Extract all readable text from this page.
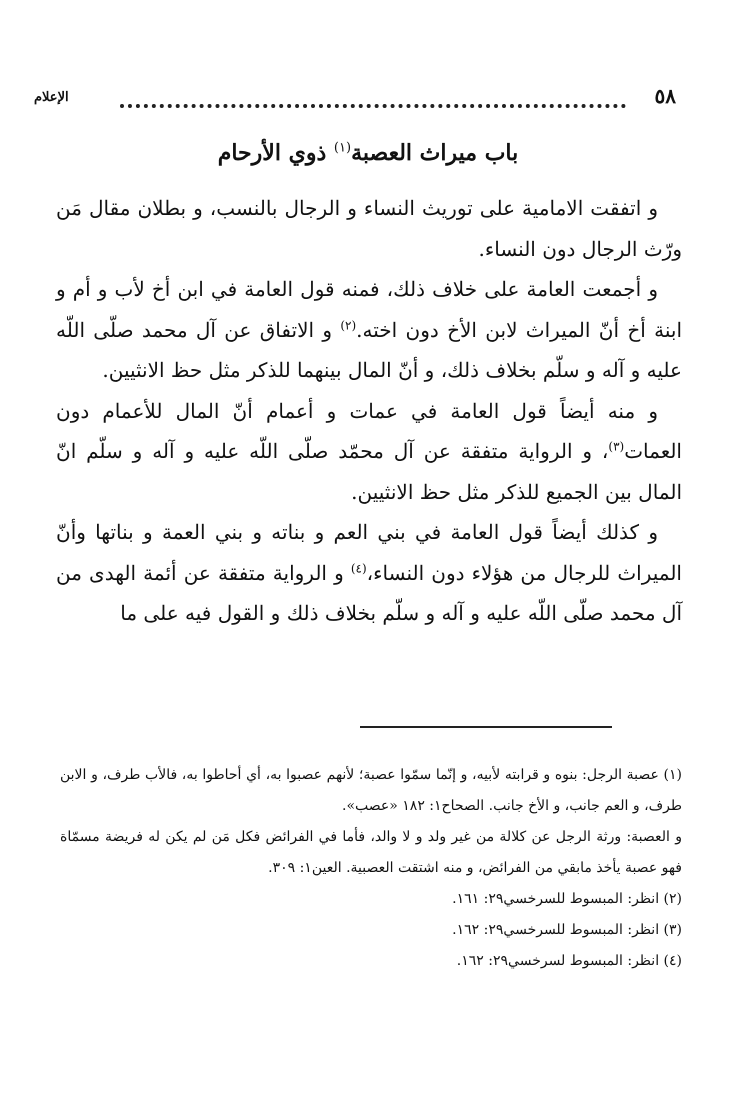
٥٨
الإعلام
باب ميراث العصبة$^{(١)}$ ذوي الأرحام

و اتفقت الامامية على توريث النساء و الرجال بالنسب، و بطلان مقال مَن ورّث الرجال دون النساء.

و أجمعت العامة على خلاف ذلك، فمنه قول العامة في ابن أخ لأب و أم و ابنة أخ أنّ الميراث لابن الأخ دون اخته.$^{(٢)}$ و الاتفاق عن آل محمد صلّى اللّه عليه و آله و سلّم بخلاف ذلك، و أنّ المال بينهما للذكر مثل حظ الانثيين.

و منه أيضاً قول العامة في عمات و أعمام أنّ المال للأعمام دون العمات$^{(٣)}$، و الرواية متفقة عن آل محمّد صلّى اللّه عليه و آله و سلّم انّ المال بين الجميع للذكر مثل حظ الانثيين.

و كذلك أيضاً قول العامة في بني العم و بناته و بني العمة و بناتها وأنّ الميراث للرجال من هؤلاء دون النساء،$^{(٤)}$ و الرواية متفقة عن أئمة الهدى من آل محمد صلّى اللّه عليه و آله و سلّم بخلاف ذلك و القول فيه على ما

(١) عصبة الرجل: بنوه و قرابته لأبيه، و إنّما سمّوا عصبة؛ لأنهم عصبوا به، أي أحاطوا به، فالأب طرف، و الابن طرف، و العم جانب، و الأخ جانب. الصحاح١: ١٨٢ «عصب».

و العصبة: ورثة الرجل عن كلالة من غير ولد و لا والد، فأما في الفرائض فكل مَن لم يكن له فريضة مسمّاة فهو عصبة يأخذ مابقي من الفرائض، و منه اشتقت العصبية. العين١: ٣٠٩.

(٢) انظر: المبسوط للسرخسي٢٩: ١٦١.

(٣) انظر: المبسوط للسرخسي٢٩: ١٦٢.

(٤) انظر: المبسوط لسرخسي٢٩: ١٦٢.
